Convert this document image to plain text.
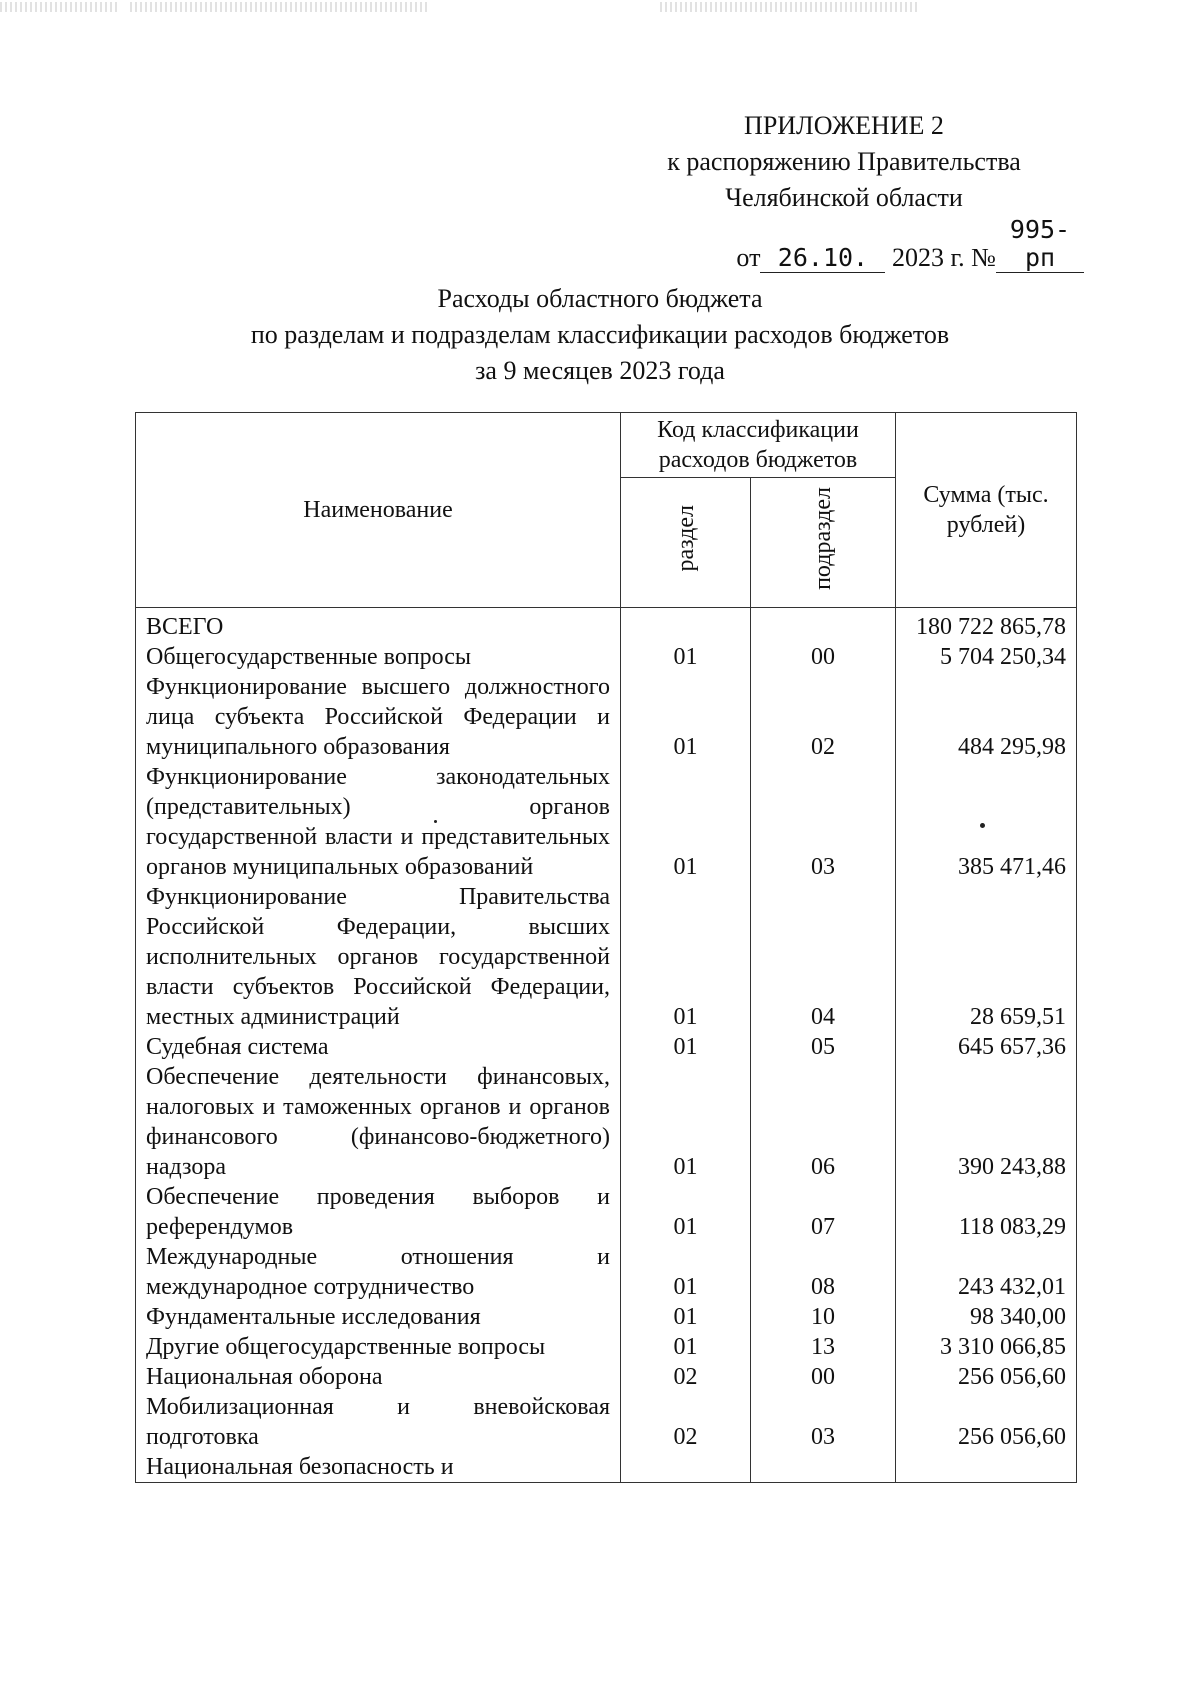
ПРИЛОЖЕНИЕ 2
к распоряжению Правительства
Челябинской области
от 26.10. 2023 г. №995-рп
Расходы областного бюджета
по разделам и подразделам классификации расходов бюджетов
за 9 месяцев 2023 года
Наименование	Код классификации расходов бюджетов		Сумма (тыс. рублей)
	раздел	подраздел	
ВСЕГО			180 722 865,78
Общегосударственные вопросы	01	00	5 704 250,34
Функционирование высшего должностного лица субъекта Российской Федерации и муниципального образования	01	02	484 295,98
Функционирование законодательных (представительных) органов государственной власти и представительных органов муниципальных образований	01	03	385 471,46
Функционирование Правительства Российской Федерации, высших исполнительных органов государственной власти субъектов Российской Федерации, местных администраций	01	04	28 659,51
Судебная система	01	05	645 657,36
Обеспечение деятельности финансовых, налоговых и таможенных органов и органов финансового (финансово-бюджетного) надзора	01	06	390 243,88
Обеспечение проведения выборов и референдумов	01	07	118 083,29
Международные отношения и международное сотрудничество	01	08	243 432,01
Фундаментальные исследования	01	10	98 340,00
Другие общегосударственные вопросы	01	13	3 310 066,85
Национальная оборона	02	00	256 056,60
Мобилизационная и вневойсковая подготовка	02	03	256 056,60
Национальная безопасность и			
